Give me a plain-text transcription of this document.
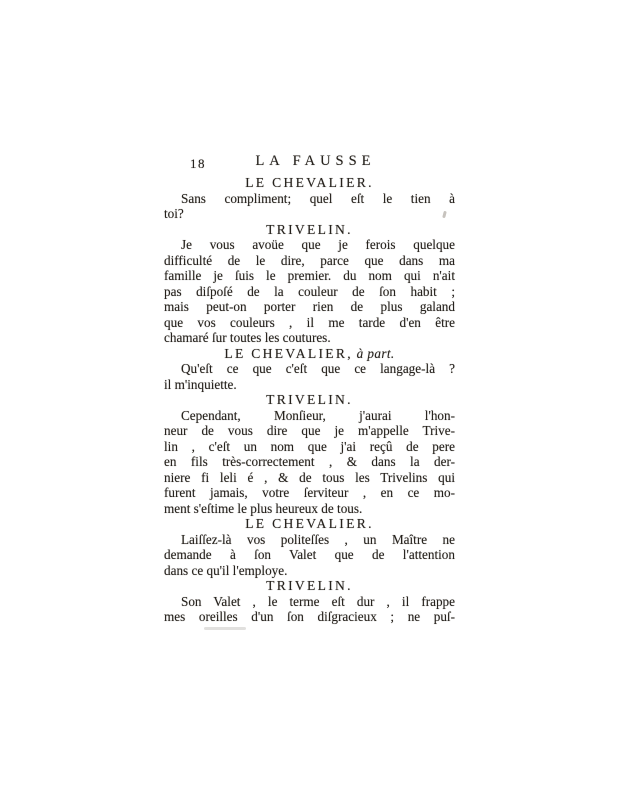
18	LA FAUSSE
LE CHEVALIER.
Sans compliment; quel eſt le tien à
toi?
TRIVELIN.
Je vous avoüe que je ferois quelque
difficulté de le dire, parce que dans ma
famille je ſuis le premier. du nom qui n'ait
pas diſpoſé de la couleur de ſon habit ;
mais peut-on porter rien de plus galand
que vos couleurs , il me tarde d'en être
chamaré ſur toutes les coutures.
LE CHEVALIER, à part.
Qu'eſt ce que c'eſt que ce langage-là ?
il m'inquiette.
TRIVELIN.
Cependant, Monſieur, j'aurai l'hon-
neur de vous dire que je m'appelle Trive-
lin , c'eſt un nom que j'ai reçû de pere
en fils très-correctement , & dans la der-
niere fi leli é , & de tous les Trivelins qui
furent jamais, votre ſerviteur , en ce mo-
ment s'eſtime le plus heureux de tous.
LE CHEVALIER.
Laiſſez-là vos politeſſes , un Maître ne
demande à ſon Valet que de l'attention
dans ce qu'il l'employe.
TRIVELIN.
Son Valet , le terme eſt dur , il frappe
mes oreilles d'un ſon diſgracieux ; ne puſ-
